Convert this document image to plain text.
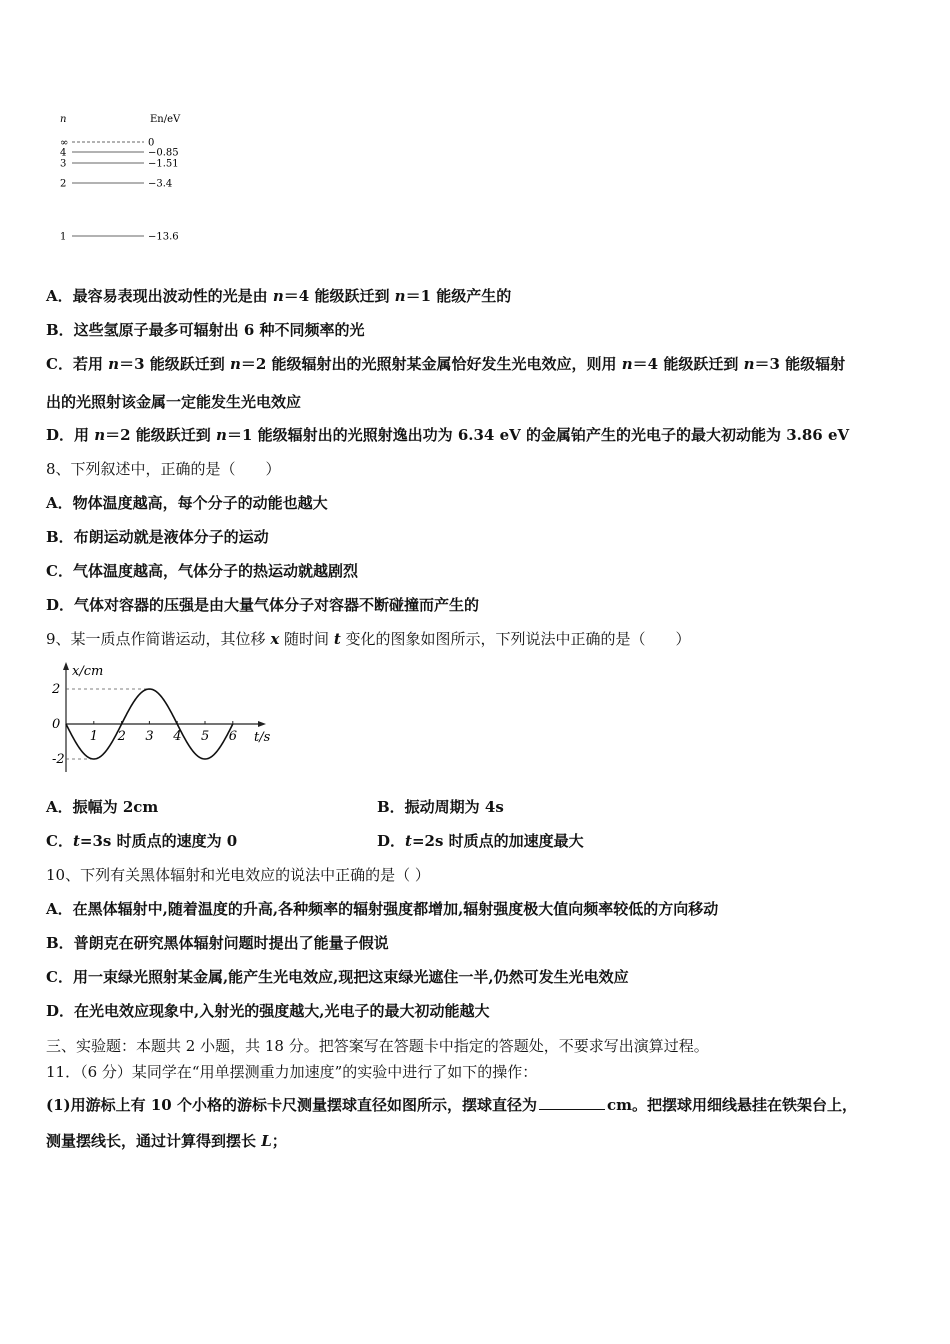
n	En/eV
∞	0
4	−0.85
3	−1.51
2	−3.4
1	−13.6
A．最容易表现出波动性的光是由 n＝4 能级跃迁到 n＝1 能级产生的
B．这些氢原子最多可辐射出 6 种不同频率的光
C．若用 n＝3 能级跃迁到 n＝2 能级辐射出的光照射某金属恰好发生光电效应，则用 n＝4 能级跃迁到 n＝3 能级辐射
出的光照射该金属一定能发生光电效应
D．用 n＝2 能级跃迁到 n＝1 能级辐射出的光照射逸出功为 6.34 eV 的金属铂产生的光电子的最大初动能为 3.86 eV
8、下列叙述中，正确的是（　　）
A．物体温度越高，每个分子的动能也越大
B．布朗运动就是液体分子的运动
C．气体温度越高，气体分子的热运动就越剧烈
D．气体对容器的压强是由大量气体分子对容器不断碰撞而产生的
9、某一质点作简谐运动，其位移 x 随时间 t 变化的图象如图所示，下列说法中正确的是（　　）
x/cm
t/s
2
0
-2
1 2 3 4 5 6
A．振幅为 2cm	B．振动周期为 4s
C．t=3s 时质点的速度为 0	D．t=2s 时质点的加速度最大
10、下列有关黑体辐射和光电效应的说法中正确的是（ ）
A．在黑体辐射中,随着温度的升高,各种频率的辐射强度都增加,辐射强度极大值向频率较低的方向移动
B．普朗克在研究黑体辐射问题时提出了能量子假说
C．用一束绿光照射某金属,能产生光电效应,现把这束绿光遮住一半,仍然可发生光电效应
D．在光电效应现象中,入射光的强度越大,光电子的最大初动能越大
三、实验题：本题共 2 小题，共 18 分。把答案写在答题卡中指定的答题处，不要求写出演算过程。
11．（6 分）某同学在“用单摆测重力加速度”的实验中进行了如下的操作：
(1)用游标上有 10 个小格的游标卡尺测量摆球直径如图所示，摆球直径为	cm。把摆球用细线悬挂在铁架台上，
测量摆线长，通过计算得到摆长 L；
